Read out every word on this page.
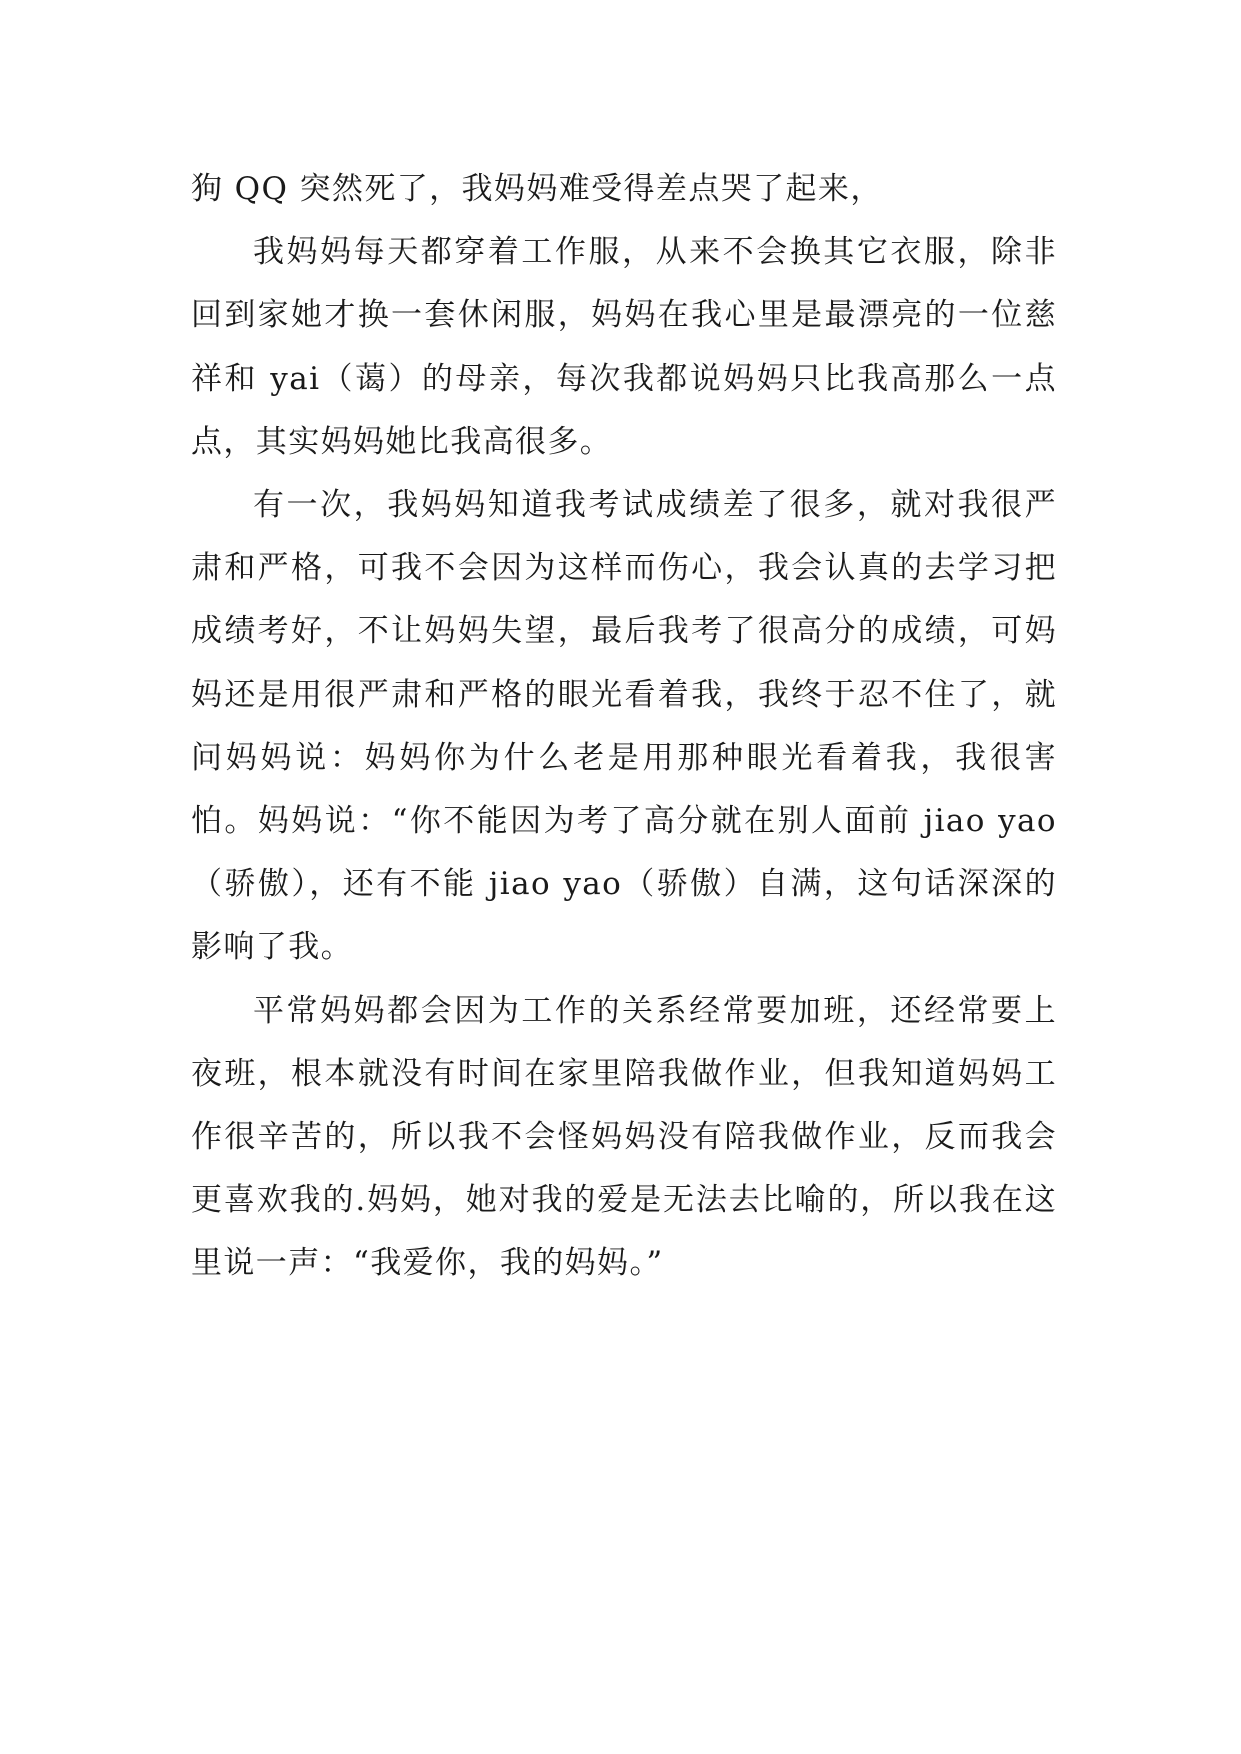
狗 QQ 突然死了，我妈妈难受得差点哭了起来，

我妈妈每天都穿着工作服，从来不会换其它衣服，除非回到家她才换一套休闲服，妈妈在我心里是最漂亮的一位慈祥和 yai（蔼）的母亲，每次我都说妈妈只比我高那么一点点，其实妈妈她比我高很多。

有一次，我妈妈知道我考试成绩差了很多，就对我很严肃和严格，可我不会因为这样而伤心，我会认真的去学习把成绩考好，不让妈妈失望，最后我考了很高分的成绩，可妈妈还是用很严肃和严格的眼光看着我，我终于忍不住了，就问妈妈说：妈妈你为什么老是用那种眼光看着我，我很害怕。妈妈说：“你不能因为考了高分就在别人面前 jiao yao（骄傲），还有不能 jiao yao（骄傲）自满，这句话深深的影响了我。

平常妈妈都会因为工作的关系经常要加班，还经常要上夜班，根本就没有时间在家里陪我做作业，但我知道妈妈工作很辛苦的，所以我不会怪妈妈没有陪我做作业，反而我会更喜欢我的.妈妈，她对我的爱是无法去比喻的，所以我在这里说一声：“我爱你，我的妈妈。”
